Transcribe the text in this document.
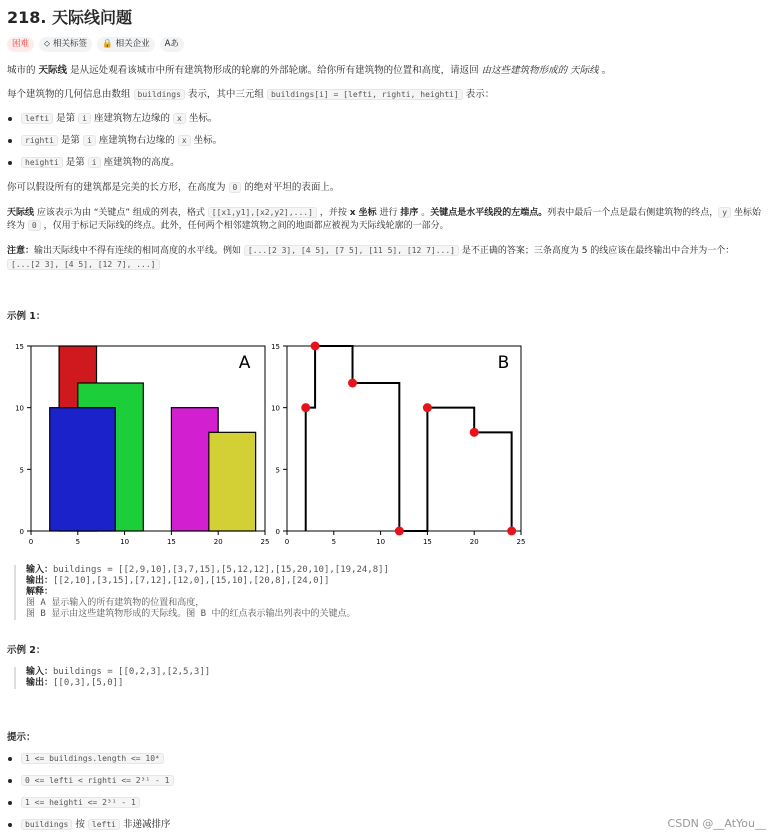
218. 天际线问题
困难	⬦ 相关标签 🔒 相关企业 Aあ
城市的 天际线 是从远处观看该城市中所有建筑物形成的轮廓的外部轮廓。给你所有建筑物的位置和高度，请返回 由这些建筑物形成的 天际线 。
每个建筑物的几何信息由数组 buildings 表示，其中三元组 buildings[i] = [lefti, righti, heighti] 表示：
lefti 是第 i 座建筑物左边缘的 x 坐标。
righti 是第 i 座建筑物右边缘的 x 坐标。
heighti 是第 i 座建筑物的高度。
你可以假设所有的建筑都是完美的长方形，在高度为 0 的绝对平坦的表面上。
天际线 应该表示为由 “关键点” 组成的列表，格式 [[x1,y1],[x2,y2],...] ，并按 x 坐标 进行 排序 。关键点是水平线段的左端点。列表中最后一个点是最右侧建筑物的终点， y 坐标始
终为 0 ，仅用于标记天际线的终点。此外，任何两个相邻建筑物之间的地面都应被视为天际线轮廓的一部分。
注意：输出天际线中不得有连续的相同高度的水平线。例如 [...[2 3], [4 5], [7 5], [11 5], [12 7]...] 是不正确的答案；三条高度为 5 的线应该在最终输出中合并为一个：
[...[2 3], [4 5], [12 7], ...]
示例 1：
0	5	10	15	20	25
0
5
10
15
A
0	5	10	15	20	25
0
5
10
15
B
输入：buildings = [[2,9,10],[3,7,15],[5,12,12],[15,20,10],[19,24,8]]
输出：[[2,10],[3,15],[7,12],[12,0],[15,10],[20,8],[24,0]]
解释：
图 A 显示输入的所有建筑物的位置和高度，
图 B 显示由这些建筑物形成的天际线。图 B 中的红点表示输出列表中的关键点。
示例 2：
输入：buildings = [[0,2,3],[2,5,3]]
输出：[[0,3],[5,0]]
提示：
1 <= buildings.length <= 10⁴
0 <= lefti < righti <= 2³¹ - 1
1 <= heighti <= 2³¹ - 1
buildings 按 lefti 非递减排序	CSDN @__AtYou__
